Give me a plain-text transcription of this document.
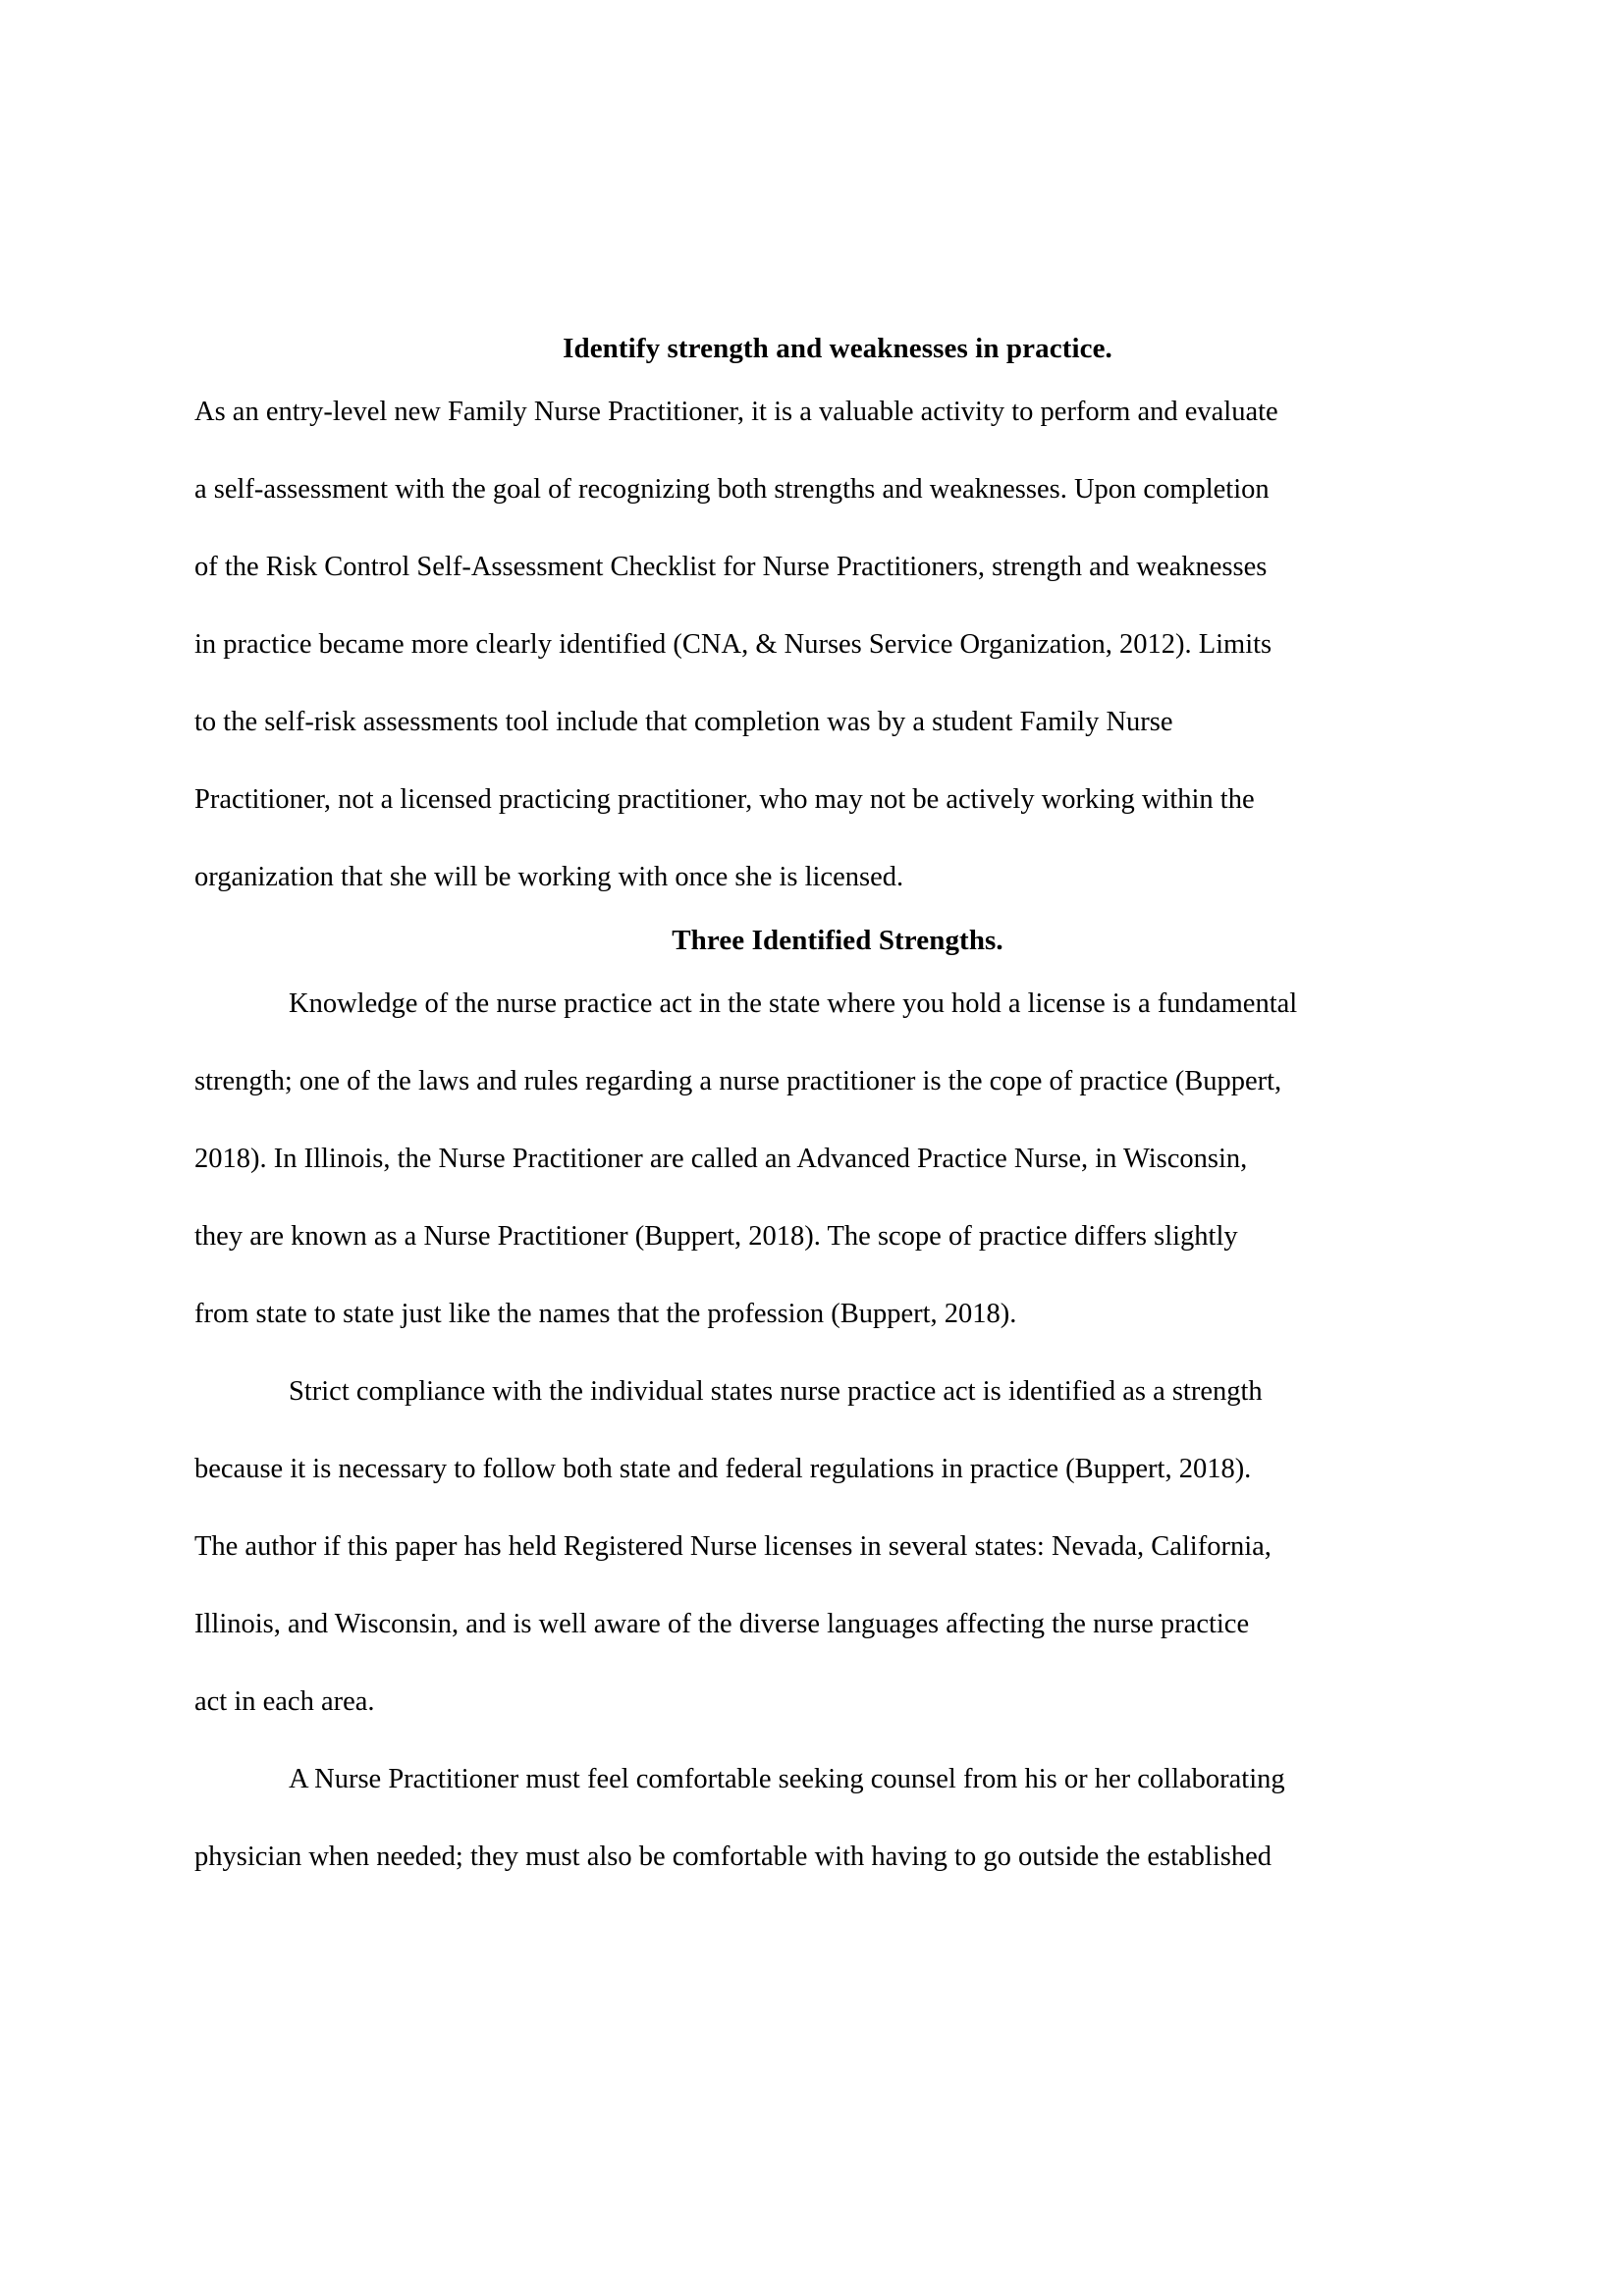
Identify strength and weaknesses in practice.
As an entry-level new Family Nurse Practitioner, it is a valuable activity to perform and evaluate
a self-assessment with the goal of recognizing both strengths and weaknesses. Upon completion
of the Risk Control Self-Assessment Checklist for Nurse Practitioners, strength and weaknesses
in practice became more clearly identified (CNA, & Nurses Service Organization, 2012). Limits
to the self-risk assessments tool include that completion was by a student Family Nurse
Practitioner, not a licensed practicing practitioner, who may not be actively working within the
organization that she will be working with once she is licensed.
Three Identified Strengths.
Knowledge of the nurse practice act in the state where you hold a license is a fundamental
strength; one of the laws and rules regarding a nurse practitioner is the cope of practice (Buppert,
2018). In Illinois, the Nurse Practitioner are called an Advanced Practice Nurse, in Wisconsin,
they are known as a Nurse Practitioner (Buppert, 2018). The scope of practice differs slightly
from state to state just like the names that the profession (Buppert, 2018).
Strict compliance with the individual states nurse practice act is identified as a strength
because it is necessary to follow both state and federal regulations in practice (Buppert, 2018).
The author if this paper has held Registered Nurse licenses in several states: Nevada, California,
Illinois, and Wisconsin, and is well aware of the diverse languages affecting the nurse practice
act in each area.
A Nurse Practitioner must feel comfortable seeking counsel from his or her collaborating
physician when needed; they must also be comfortable with having to go outside the established
